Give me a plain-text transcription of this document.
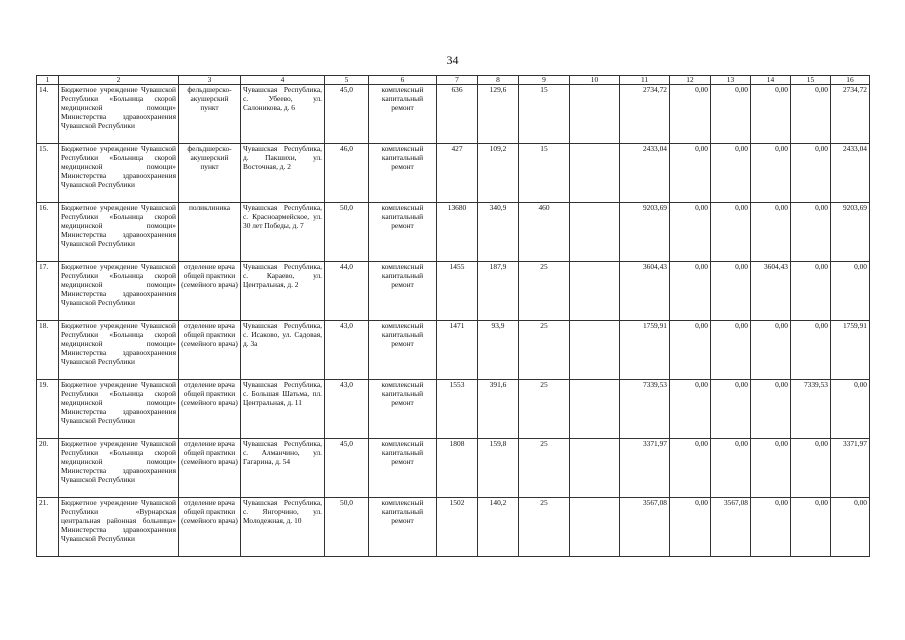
34
1	2	3	4	5	6	7	8	9	10	11	12	13	14	15	16
14.	Бюджетное учреждение Чувашской Республики «Больница скорой медицинской помощи» Министерства здравоохранения Чувашской Республики	фельдшерско-акушерский пункт	Чувашская Республика, с. Убеево, ул. Салоникова, д. 6	45,0	комплексный капитальный ремонт	636	129,6	15		2734,72	0,00	0,00	0,00	0,00	2734,72
15.	Бюджетное учреждение Чувашской Республики «Больница скорой медицинской помощи» Министерства здравоохранения Чувашской Республики	фельдшерско-акушерский пункт	Чувашская Республика, д. Пакшихи, ул. Восточная, д. 2	46,0	комплексный капитальный ремонт	427	109,2	15		2433,04	0,00	0,00	0,00	0,00	2433,04
16.	Бюджетное учреждение Чувашской Республики «Больница скорой медицинской помощи» Министерства здравоохранения Чувашской Республики	поликлиника	Чувашская Республика, с. Красноармейское, ул. 30 лет Победы, д. 7	50,0	комплексный капитальный ремонт	13680	340,9	460		9203,69	0,00	0,00	0,00	0,00	9203,69
17.	Бюджетное учреждение Чувашской Республики «Больница скорой медицинской помощи» Министерства здравоохранения Чувашской Республики	отделение врача общей практики (семейного врача)	Чувашская Республика, с. Караево, ул. Центральная, д. 2	44,0	комплексный капитальный ремонт	1455	187,9	25		3604,43	0,00	0,00	3604,43	0,00	0,00
18.	Бюджетное учреждение Чувашской Республики «Больница скорой медицинской помощи» Министерства здравоохранения Чувашской Республики	отделение врача общей практики (семейного врача)	Чувашская Республика, с. Исаково, ул. Садовая, д. 3а	43,0	комплексный капитальный ремонт	1471	93,9	25		1759,91	0,00	0,00	0,00	0,00	1759,91
19.	Бюджетное учреждение Чувашской Республики «Больница скорой медицинской помощи» Министерства здравоохранения Чувашской Республики	отделение врача общей практики (семейного врача)	Чувашская Республика, с. Большая Шатьма, пл. Центральная, д. 11	43,0	комплексный капитальный ремонт	1553	391,6	25		7339,53	0,00	0,00	0,00	7339,53	0,00
20.	Бюджетное учреждение Чувашской Республики «Больница скорой медицинской помощи» Министерства здравоохранения Чувашской Республики	отделение врача общей практики (семейного врача)	Чувашская Республика, с. Алманчино, ул. Гагарина, д. 54	45,0	комплексный капитальный ремонт	1808	159,8	25		3371,97	0,00	0,00	0,00	0,00	3371,97
21.	Бюджетное учреждение Чувашской Республики «Вурнарская центральная районная больница» Министерства здравоохранения Чувашской Республики	отделение врача общей практики (семейного врача)	Чувашская Республика, с. Янгорчино, ул. Молодежная, д. 10	50,0	комплексный капитальный ремонт	1502	140,2	25		3567,08	0,00	3567,08	0,00	0,00	0,00
